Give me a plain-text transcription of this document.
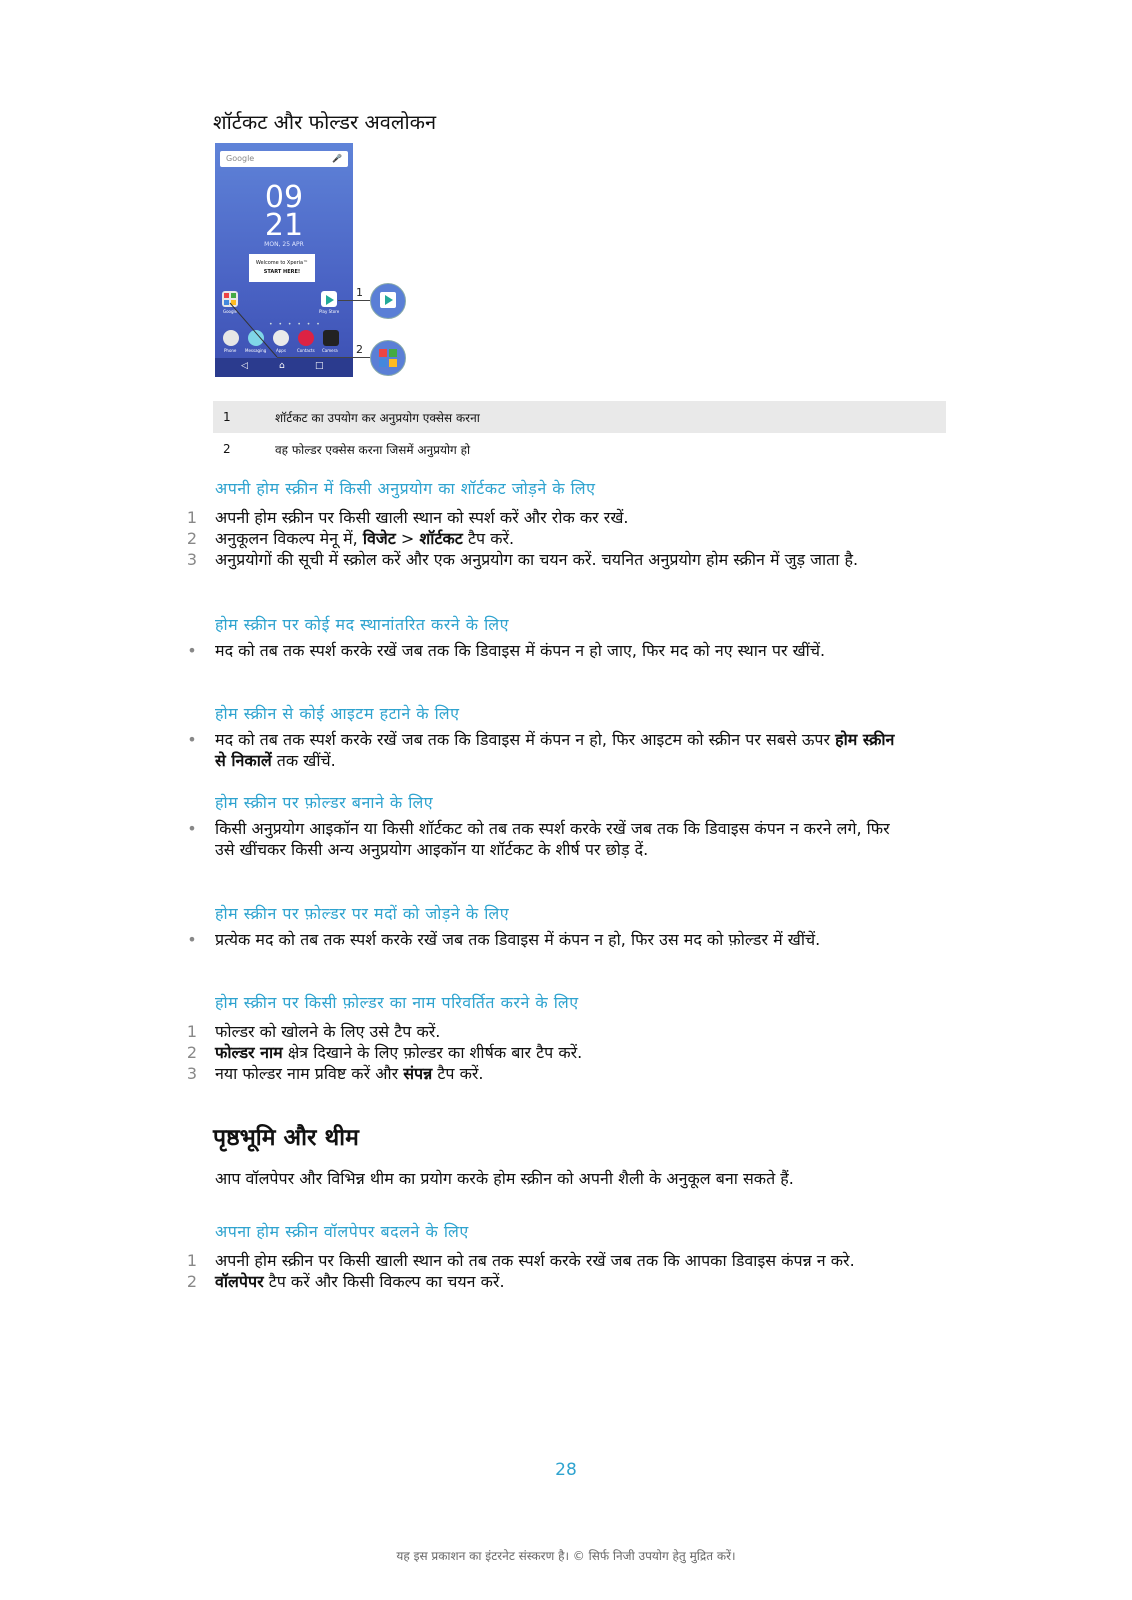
शॉर्टकट और फोल्डर अवलोकन
Google	🎤
09
21
MON, 25 APR
Welcome to Xperia™
START HERE!
Google	Play Store
• • • • • •
Phone Messaging Apps	Contacts Camera
◁	⌂	□
1
2
1	शॉर्टकट का उपयोग कर अनुप्रयोग एक्सेस करना
2	वह फोल्डर एक्सेस करना जिसमें अनुप्रयोग हो
अपनी होम स्क्रीन में किसी अनुप्रयोग का शॉर्टकट जोड़ने के लिए
1 अपनी होम स्क्रीन पर किसी खाली स्थान को स्पर्श करें और रोक कर रखें.
2 अनुकूलन विकल्प मेनू में, विजेट > शॉर्टकट टैप करें.
3 अनुप्रयोगों की सूची में स्क्रोल करें और एक अनुप्रयोग का चयन करें. चयनित अनुप्रयोग होम स्क्रीन में जुड़ जाता है.
होम स्क्रीन पर कोई मद स्थानांतरित करने के लिए
• मद को तब तक स्पर्श करके रखें जब तक कि डिवाइस में कंपन न हो जाए, फिर मद को नए स्थान पर खींचें.
होम स्क्रीन से कोई आइटम हटाने के लिए
• मद को तब तक स्पर्श करके रखें जब तक कि डिवाइस में कंपन न हो, फिर आइटम को स्क्रीन पर सबसे ऊपर होम स्क्रीन से निकालें तक खींचें.
होम स्क्रीन पर फ़ोल्डर बनाने के लिए
• किसी अनुप्रयोग आइकॉन या किसी शॉर्टकट को तब तक स्पर्श करके रखें जब तक कि डिवाइस कंपन न करने लगे, फिर उसे खींचकर किसी अन्य अनुप्रयोग आइकॉन या शॉर्टकट के शीर्ष पर छोड़ दें.
होम स्क्रीन पर फ़ोल्डर पर मदों को जोड़ने के लिए
• प्रत्येक मद को तब तक स्पर्श करके रखें जब तक डिवाइस में कंपन न हो, फिर उस मद को फ़ोल्डर में खींचें.
होम स्क्रीन पर किसी फ़ोल्डर का नाम परिवर्तित करने के लिए
1 फोल्डर को खोलने के लिए उसे टैप करें.
2 फोल्डर नाम क्षेत्र दिखाने के लिए फ़ोल्डर का शीर्षक बार टैप करें.
3 नया फोल्डर नाम प्रविष्ट करें और संपन्न टैप करें.
पृष्ठभूमि और थीम

आप वॉलपेपर और विभिन्न थीम का प्रयोग करके होम स्क्रीन को अपनी शैली के अनुकूल बना सकते हैं.

अपना होम स्क्रीन वॉलपेपर बदलने के लिए
1 अपनी होम स्क्रीन पर किसी खाली स्थान को तब तक स्पर्श करके रखें जब तक कि आपका डिवाइस कंपन्न न करे.
2 वॉलपेपर टैप करें और किसी विकल्प का चयन करें.
28
यह इस प्रकाशन का इंटरनेट संस्करण है। © सिर्फ निजी उपयोग हेतु मुद्रित करें।
